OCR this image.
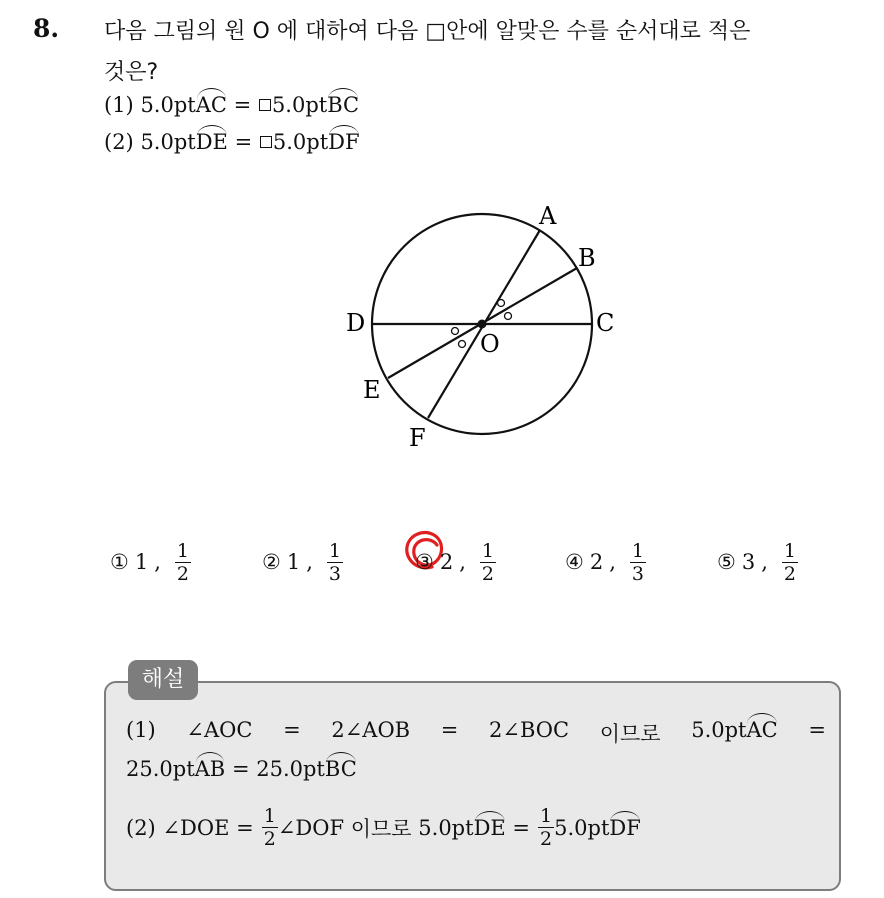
8. 다음 그림의 원 O 에 대하여 다음 □안에 알맞은 수를 순서대로 적은
것은?
(1) 5.0ptAC = 5.0ptBC
(2) 5.0ptDE = 5.0ptDF
A
B
C
D
E
F
O
① 1 , $\frac{1}{2}$	② 1 , $\frac{1}{3}$	③ 2 , $\frac{1}{2}$	④ 2 , $\frac{1}{3}$	⑤ 3 , $\frac{1}{2}$
해설
(1) ∠AOC = 2∠AOB = 2∠BOC 이므로 5.0ptAC =
25.0ptAB = 25.0ptBC
(2)
∠DOE
= $\frac{1}{2}$ ∠DOF
이므로
5.0pt DE
= $\frac{1}{2} 5.0pt$ DF
